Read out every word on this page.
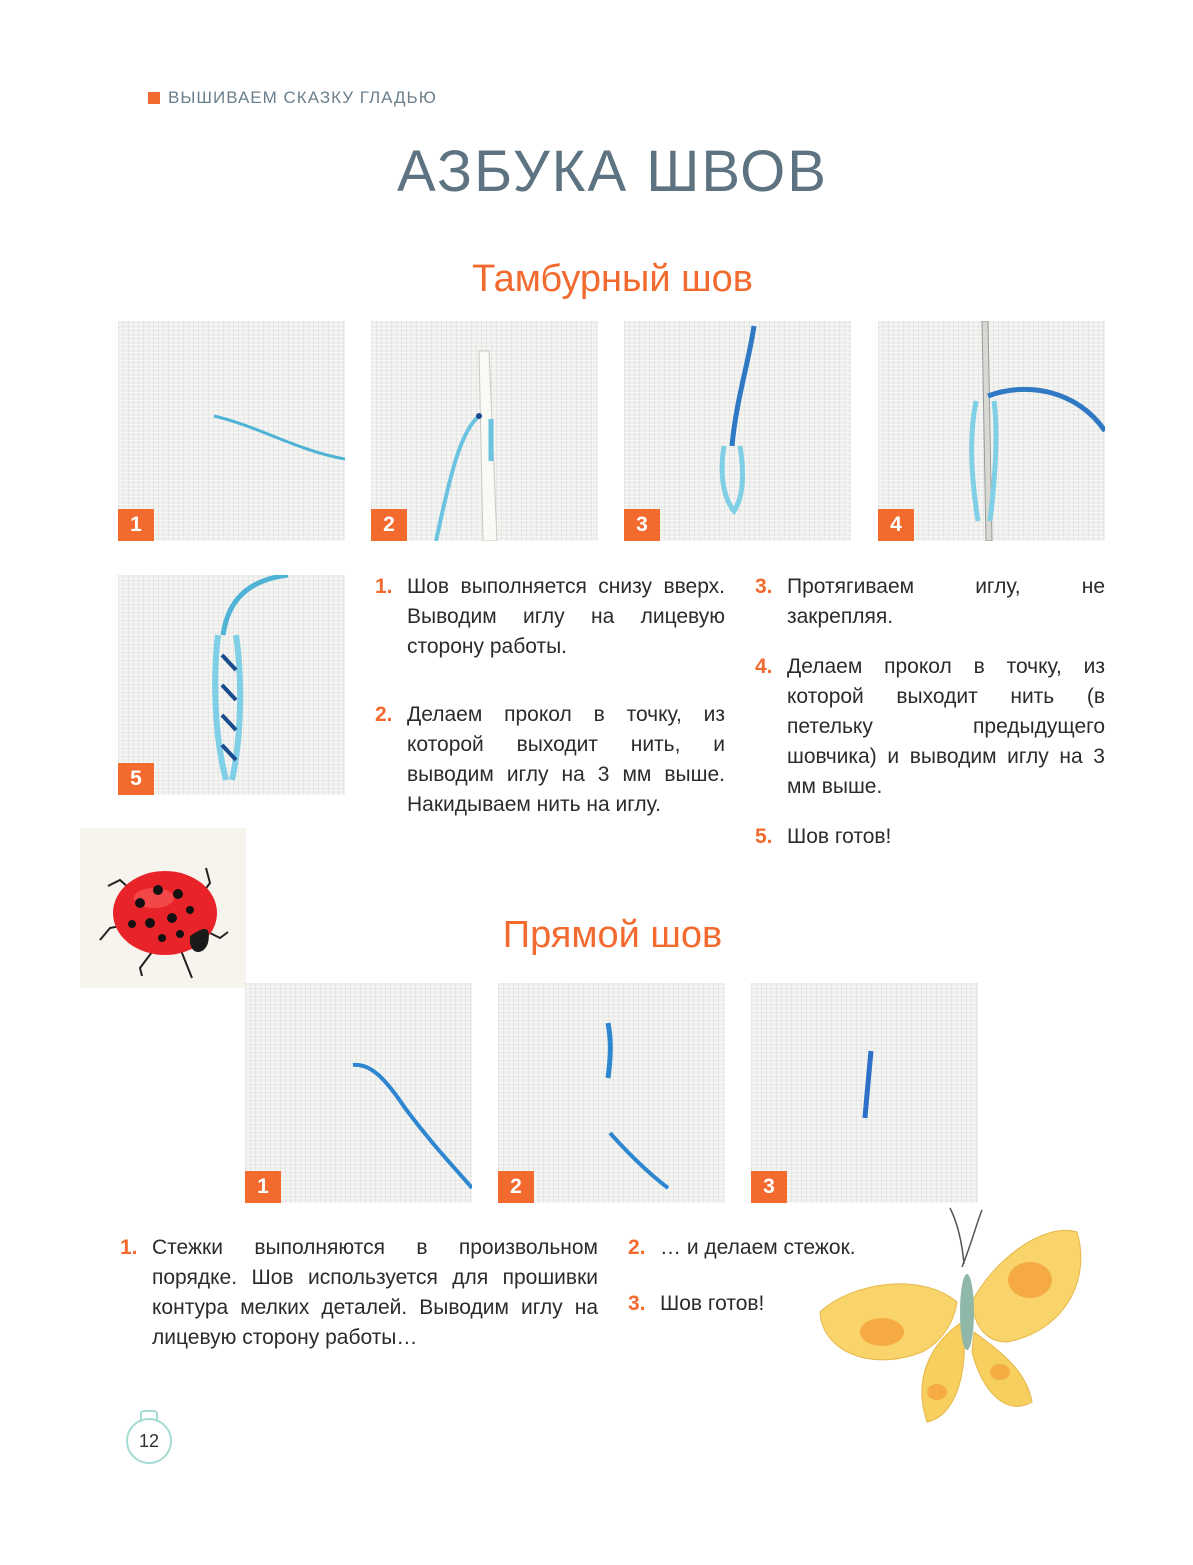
ВЫШИВАЕМ СКАЗКУ ГЛАДЬЮ
АЗБУКА ШВОВ
Тамбурный шов
1	2	3	4
5
1. Шов выполняется снизу вверх. Выводим иглу на лицевую сторону работы.
2. Делаем прокол в точку, из которой выходит нить, и выводим иглу на 3 мм выше. Накидываем нить на иглу.
3. Протягиваем иглу, не закрепляя.
4. Делаем прокол в точку, из которой выходит нить (в петельку предыдущего шовчика) и выводим иглу на 3 мм выше.
5. Шов готов!
Прямой шов
1	2	3
1. Стежки выполняются в произвольном порядке. Шов используется для прошивки контура мелких деталей. Выводим иглу на лицевую сторону работы…
2. … и делаем стежок.
3. Шов готов!
12
